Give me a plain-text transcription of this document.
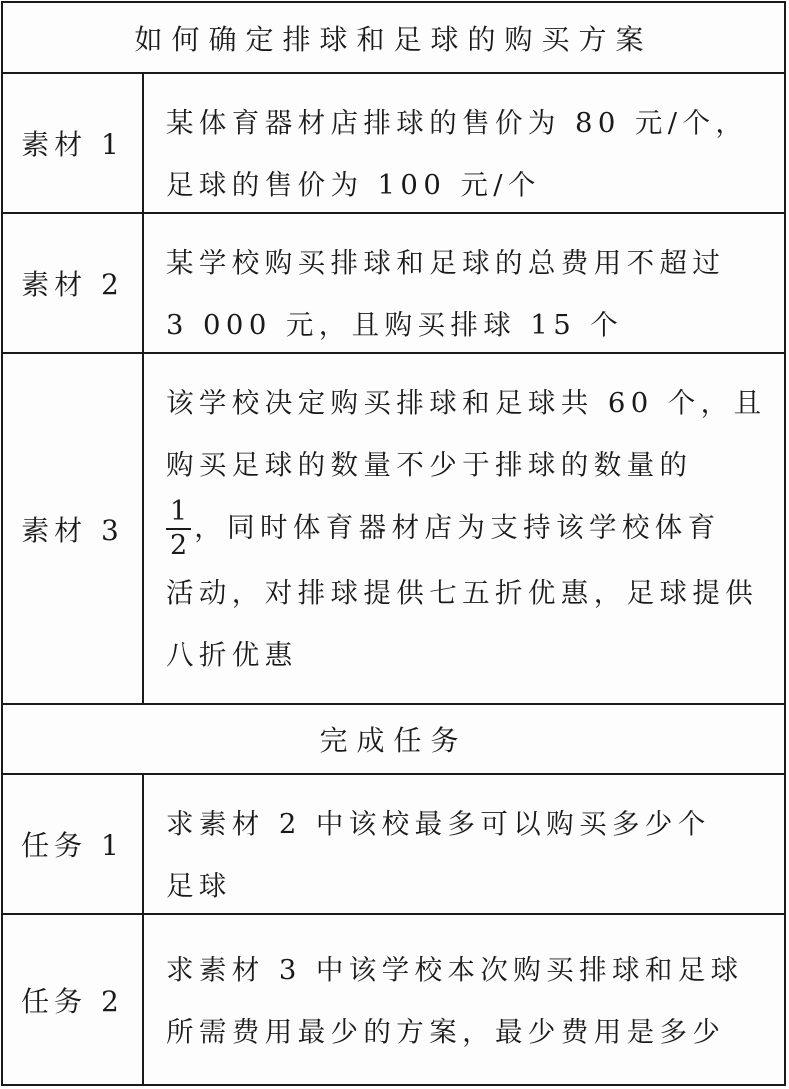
如何确定排球和足球的购买方案
素材 1

某体育器材店排球的售价为 80 元/个，

足球的售价为 100 元/个

素材 2

某学校购买排球和足球的总费用不超过

3 000 元，且购买排球 15 个

素材 3

该学校决定购买排球和足球共 60 个，且

购买足球的数量不少于排球的数量的

$\frac{1}{2}$ ，同时体育器材店为支持该学校体育

活动，对排球提供七五折优惠，足球提供

八折优惠

完成任务
任务 1

求素材 2 中该校最多可以购买多少个

足球

任务 2

求素材 3 中该学校本次购买排球和足球

所需费用最少的方案，最少费用是多少
